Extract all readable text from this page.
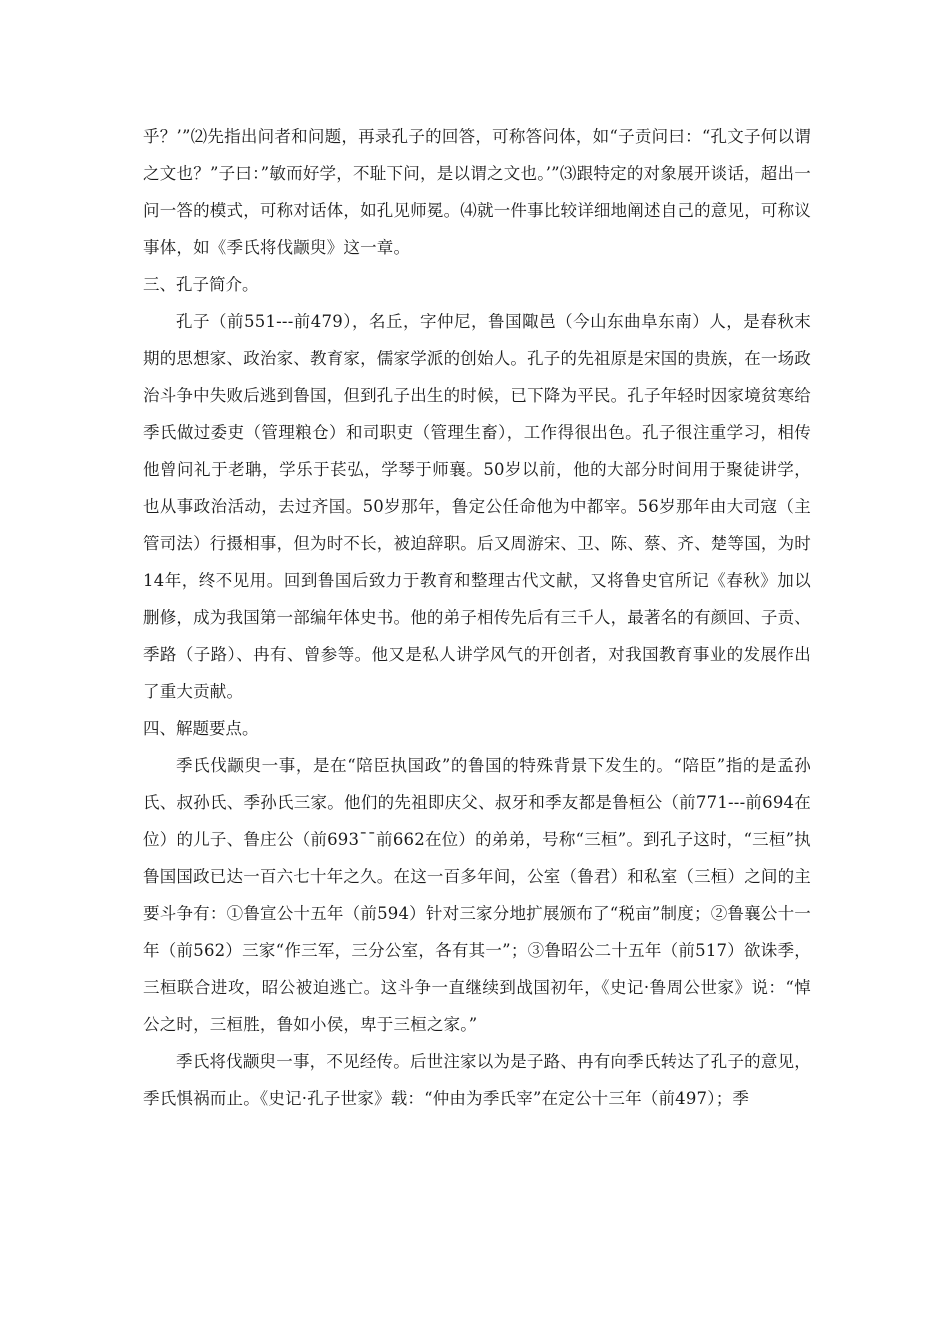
乎？’”⑵先指出问者和问题，再录孔子的回答，可称答问体，如“子贡问曰：“孔文子何以谓之文也？”子曰：”敏而好学，不耻下问，是以谓之文也。’”⑶跟特定的对象展开谈话，超出一问一答的模式，可称对话体，如孔见师冕。⑷就一件事比较详细地阐述自己的意见，可称议事体，如《季氏将伐颛臾》这一章。

三、孔子简介。

孔子（前551---前479），名丘，字仲尼，鲁国陬邑（今山东曲阜东南）人，是春秋末期的思想家、政治家、教育家，儒家学派的创始人。孔子的先祖原是宋国的贵族，在一场政治斗争中失败后逃到鲁国，但到孔子出生的时候，已下降为平民。孔子年轻时因家境贫寒给季氏做过委吏（管理粮仓）和司职吏（管理生畜），工作得很出色。孔子很注重学习，相传他曾问礼于老聃，学乐于苌弘，学琴于师襄。50岁以前，他的大部分时间用于聚徒讲学，也从事政治活动，去过齐国。50岁那年，鲁定公任命他为中都宰。56岁那年由大司寇（主管司法）行摄相事，但为时不长，被迫辞职。后又周游宋、卫、陈、蔡、齐、楚等国，为时14年，终不见用。回到鲁国后致力于教育和整理古代文献，又将鲁史官所记《春秋》加以删修，成为我国第一部编年体史书。他的弟子相传先后有三千人，最著名的有颜回、子贡、季路（子路）、冉有、曾参等。他又是私人讲学风气的开创者，对我国教育事业的发展作出了重大贡献。

四、解题要点。

季氏伐颛臾一事，是在“陪臣执国政”的鲁国的特殊背景下发生的。“陪臣”指的是孟孙氏、叔孙氏、季孙氏三家。他们的先祖即庆父、叔牙和季友都是鲁桓公（前771---前694在位）的儿子、鲁庄公（前693¯¯前662在位）的弟弟，号称“三桓”。到孔子这时，“三桓”执鲁国国政已达一百六七十年之久。在这一百多年间，公室（鲁君）和私室（三桓）之间的主要斗争有：①鲁宣公十五年（前594）针对三家分地扩展颁布了“税亩”制度；②鲁襄公十一年（前562）三家“作三军，三分公室，各有其一”；③鲁昭公二十五年（前517）欲诛季，三桓联合进攻，昭公被迫逃亡。这斗争一直继续到战国初年，《史记·鲁周公世家》说：“悼公之时，三桓胜，鲁如小侯，卑于三桓之家。”

季氏将伐颛臾一事，不见经传。后世注家以为是子路、冉有向季氏转达了孔子的意见，季氏惧祸而止。《史记·孔子世家》载：“仲由为季氏宰”在定公十三年（前497）；季
